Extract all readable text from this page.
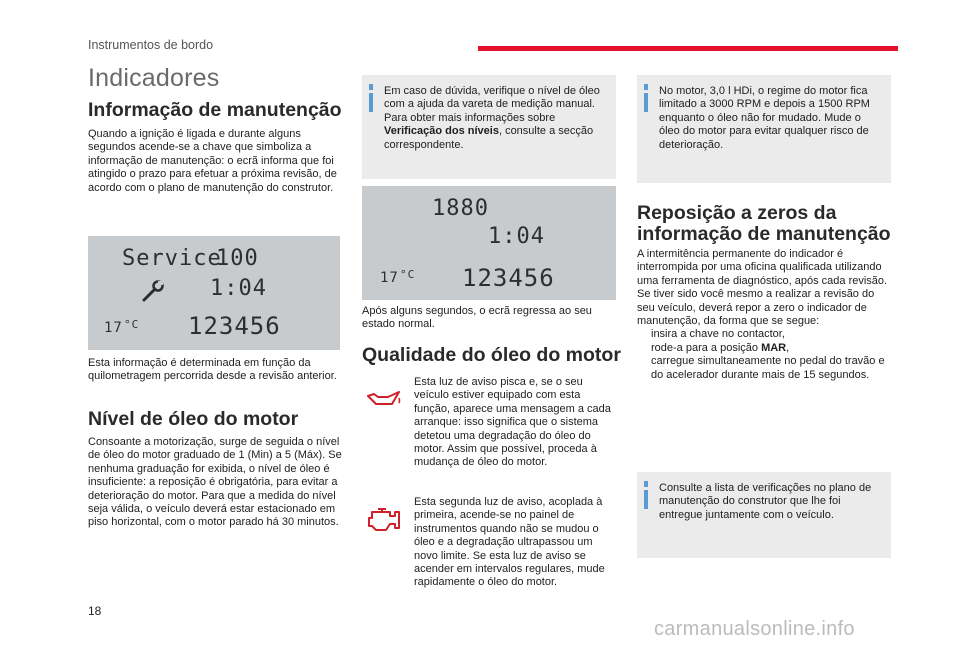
Instrumentos de bordo
Indicadores
Informação de manutenção
Quando a ignição é ligada e durante alguns segundos acende-se a chave que simboliza a informação de manutenção: o ecrã informa que foi atingido o prazo para efetuar a próxima revisão, de acordo com o plano de manutenção do construtor.
Service
100
1:04
17 °C 123456
Esta informação é determinada em função da quilometragem percorrida desde a revisão anterior.
Nível de óleo do motor
Consoante a motorização, surge de seguida o nível de óleo do motor graduado de 1 (Min) a 5 (Máx). Se nenhuma graduação for exibida, o nível de óleo é insuficiente: a reposição é obrigatória, para evitar a deterioração do motor. Para que a medida do nível seja válida, o veículo deverá estar estacionado em piso horizontal, com o motor parado há 30 minutos.
Em caso de dúvida, verifique o nível de óleo com a ajuda da vareta de medição manual. Para obter mais informações sobre Verificação dos níveis, consulte a secção correspondente.
1880
1:04
17 °C 123456
Após alguns segundos, o ecrã regressa ao seu estado normal.
Qualidade do óleo do motor
Esta luz de aviso pisca e, se o seu veículo estiver equipado com esta função, aparece uma mensagem a cada arranque: isso significa que o sistema detetou uma degradação do óleo do motor. Assim que possível, proceda à mudança de óleo do motor.
Esta segunda luz de aviso, acoplada à primeira, acende-se no painel de instrumentos quando não se mudou o óleo e a degradação ultrapassou um novo limite. Se esta luz de aviso se acender em intervalos regulares, mude rapidamente o óleo do motor.
No motor, 3,0 l HDi, o regime do motor fica limitado a 3000 RPM e depois a 1500 RPM enquanto o óleo não for mudado. Mude o óleo do motor para evitar qualquer risco de deterioração.
Reposição a zeros da
informação de manutenção
A intermitência permanente do indicador é interrompida por uma oficina qualificada utilizando uma ferramenta de diagnóstico, após cada revisão. Se tiver sido você mesmo a realizar a revisão do seu veículo, deverá repor a zero o indicador de manutenção, da forma que se segue:
insira a chave no contactor,
rode-a para a posição MAR,
carregue simultaneamente no pedal do travão e do acelerador durante mais de 15 segundos.
Consulte a lista de verificações no plano de manutenção do construtor que lhe foi entregue juntamente com o veículo.
18
carmanualsonline.info
